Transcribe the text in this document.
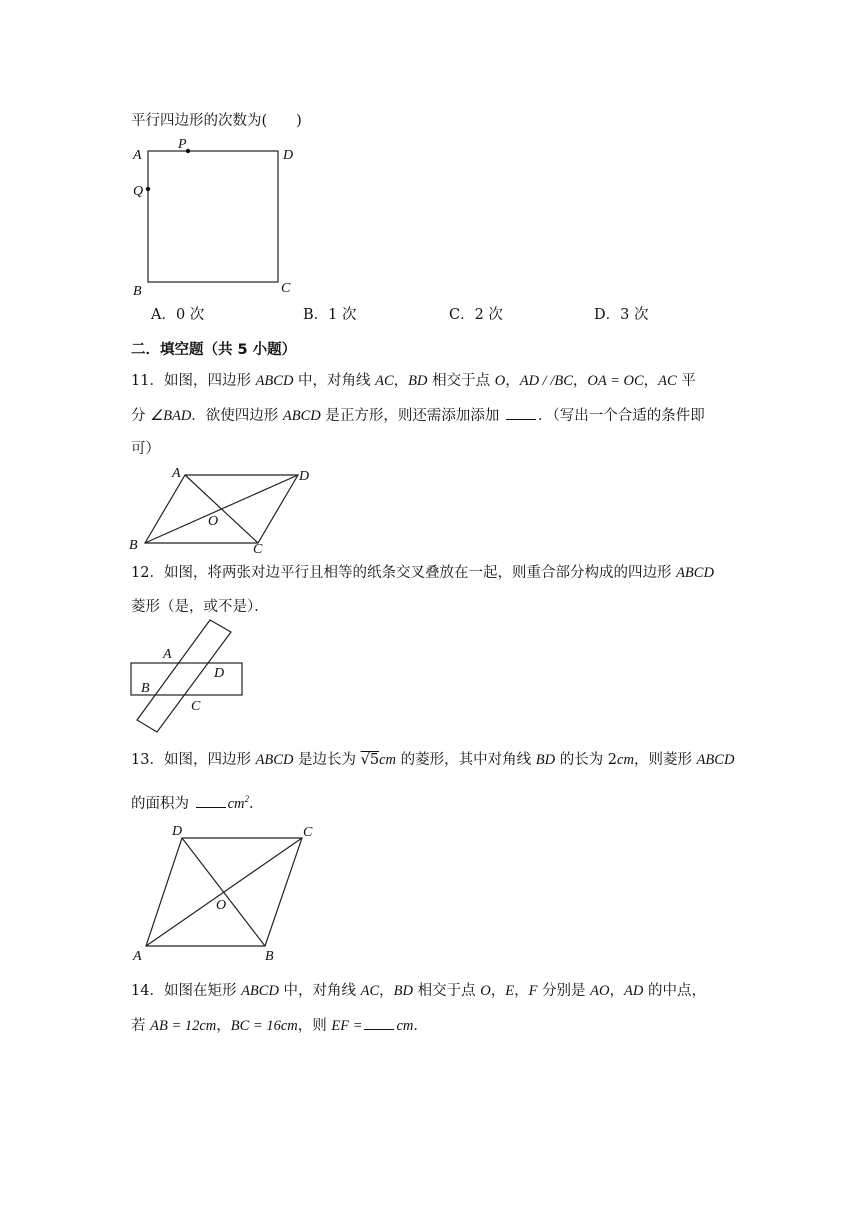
平行四边形的次数为(　　)
A
P
D
Q
B	C
A．0 次	B．1 次	C．2 次	D．3 次
二．填空题（共 5 小题）
11．如图，四边形 ABCD 中，对角线 AC，BD 相交于点 O，AD / /BC，OA = OC，AC 平
分 ∠BAD．欲使四边形 ABCD 是正方形，则还需添加添加 ．（写出一个合适的条件即
可）
A	D
O
B	C
12．如图，将两张对边平行且相等的纸条交叉叠放在一起，则重合部分构成的四边形 ABCD
菱形（是，或不是）．
A
D
B
C
13．如图，四边形 ABCD 是边长为 √5cm 的菱形，其中对角线 BD 的长为 2cm，则菱形 ABCD
的面积为 $cm^2$．
D	C
O
A	B
14．如图在矩形 ABCD 中，对角线 AC，BD 相交于点 O，E，F 分别是 AO，AD 的中点，
若 AB = 12cm，BC = 16cm，则 EF = cm．
